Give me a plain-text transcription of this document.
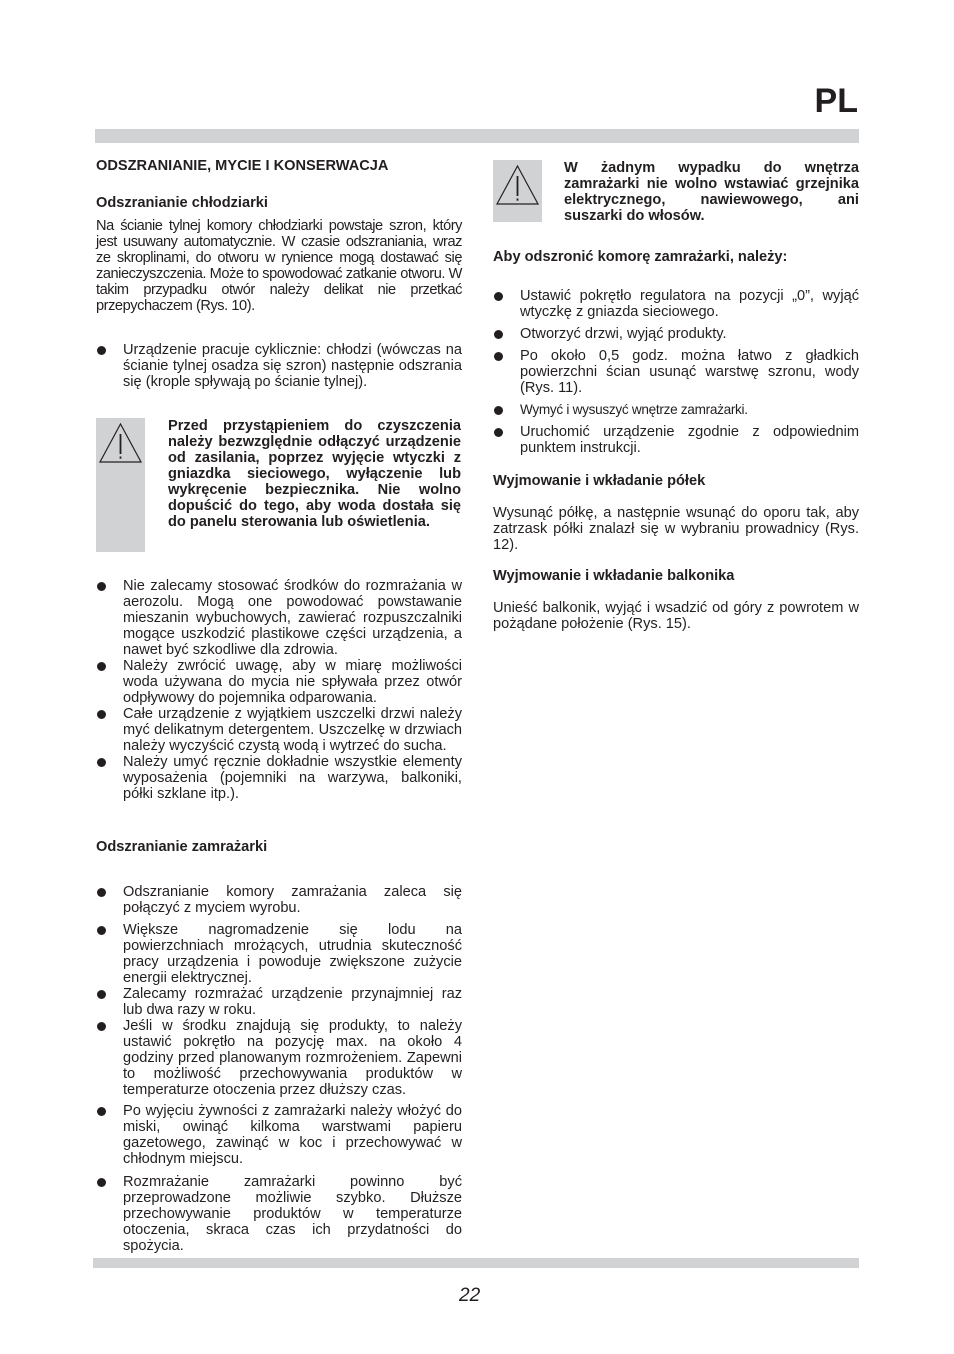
PL
ODSZRANIANIE, MYCIE I KONSERWACJA
Odszranianie chłodziarki
Na ścianie tylnej komory chłodziarki powstaje szron, który jest usuwany automatycznie. W czasie odszraniania, wraz ze skroplinami, do otworu w rynience mogą dostawać się zanieczyszczenia. Może to spowodować zatkanie otworu. W takim przypadku otwór należy delikat nie przetkać przepychaczem (Rys. 10).
Urządzenie pracuje cyklicznie: chłodzi (wówczas na ścianie tylnej osadza się szron) następnie odszrania się (krople spływają po ścianie tylnej).
Przed przystąpieniem do czyszczenia należy bezwzględnie odłączyć urządzenie od zasilania, poprzez wyjęcie wtyczki z gniazdka sieciowego, wyłączenie lub wykręcenie bezpiecznika. Nie wolno dopuścić do tego, aby woda dostała się do panelu sterowania lub oświetlenia.
Nie zalecamy stosować środków do rozmrażania w aerozolu. Mogą one powodować powstawanie mieszanin wybuchowych, zawierać rozpuszczalniki mogące uszkodzić plastikowe części urządzenia, a nawet być szkodliwe dla zdrowia.
Należy zwrócić uwagę, aby w miarę możliwości woda używana do mycia nie spływała przez otwór odpływowy do pojemnika odparowania.
Całe urządzenie z wyjątkiem uszczelki drzwi należy myć delikatnym detergentem. Uszczelkę w drzwiach należy wyczyścić czystą wodą i wytrzeć do sucha.
Należy umyć ręcznie dokładnie wszystkie elementy wyposażenia (pojemniki na warzywa, balkoniki, półki szklane itp.).
Odszranianie zamrażarki
Odszranianie komory zamrażania zaleca się połączyć z myciem wyrobu.
Większe nagromadzenie się lodu na powierzchniach mrożących, utrudnia skuteczność pracy urządzenia i powoduje zwiększone zużycie energii elektrycznej.
Zalecamy rozmrażać urządzenie przynajmniej raz lub dwa razy w roku.
Jeśli w środku znajdują się produkty, to należy ustawić pokrętło na pozycję max. na około 4 godziny przed planowanym rozmrożeniem. Zapewni to możliwość przechowywania produktów w temperaturze otoczenia przez dłuższy czas.
Po wyjęciu żywności z zamrażarki należy włożyć do miski, owinąć kilkoma warstwami papieru gazetowego, zawinąć w koc i przechowywać w chłodnym miejscu.
Rozmrażanie zamrażarki powinno być przeprowadzone możliwie szybko. Dłuższe przechowywanie produktów w temperaturze otoczenia, skraca czas ich przydatności do spożycia.
W żadnym wypadku do wnętrza zamrażarki nie wolno wstawiać grzejnika elektrycznego, nawiewowego, ani suszarki do włosów.
Aby odszronić komorę zamrażarki, należy:
Ustawić pokrętło regulatora na pozycji „0”, wyjąć wtyczkę z gniazda sieciowego.
Otworzyć drzwi, wyjąć produkty.
Po około 0,5 godz. można łatwo z gładkich powierzchni ścian usunąć warstwę szronu, wody (Rys. 11).
Wymyć i wysuszyć wnętrze zamrażarki.
Uruchomić urządzenie zgodnie z odpowiednim punktem instrukcji.
Wyjmowanie i wkładanie półek
Wysunąć półkę, a następnie wsunąć do oporu tak, aby zatrzask półki znalazł się w wybraniu prowadnicy (Rys. 12).
Wyjmowanie i wkładanie balkonika
Unieść balkonik, wyjąć i wsadzić od góry z powrotem w pożądane położenie (Rys. 15).
22
